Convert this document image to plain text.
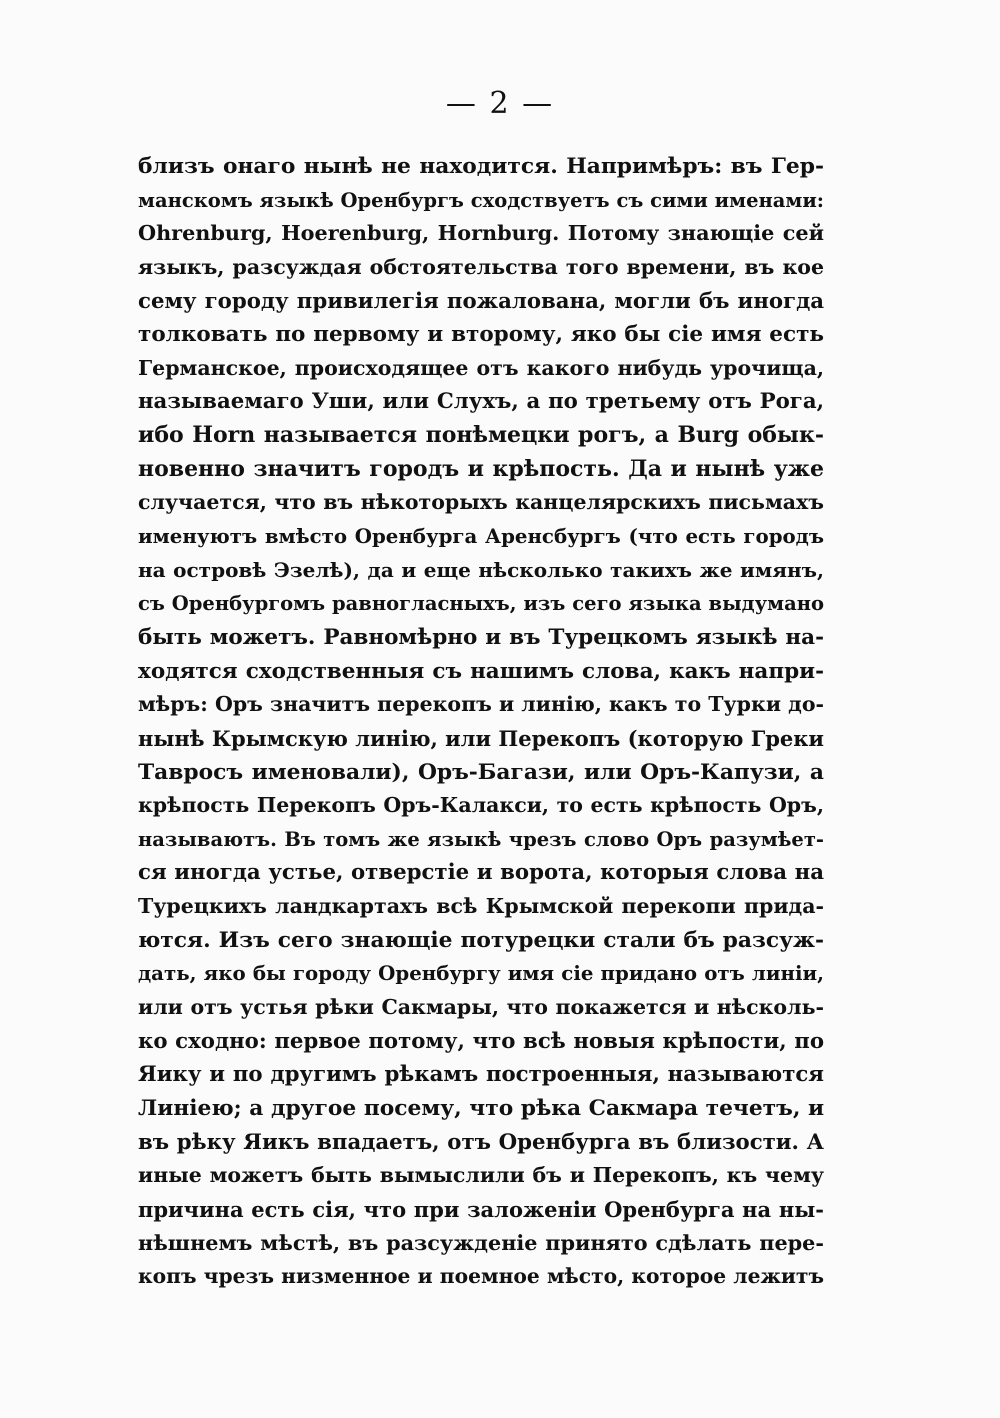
— 2 —
близъ онаго нынѣ не находится. Напримѣръ: въ Гер-
манскомъ языкѣ Оренбургъ сходствуетъ съ сими именами:
Ohrenburg, Hoerenburg, Hornburg. Потому знающіе сей
языкъ, разсуждая обстоятельства того времени, въ кое
сему городу привилегія пожалована, могли бъ иногда
толковать по первому и второму, яко бы сіе имя есть
Германское, происходящее отъ какого нибудь урочища,
называемаго Уши, или Слухъ, а по третьему отъ Рога,
ибо Horn называется понѣмецки рогъ, а Burg обык-
новенно значитъ городъ и крѣпость. Да и нынѣ уже
случается, что въ нѣкоторыхъ канцелярскихъ письмахъ
именуютъ вмѣсто Оренбурга Аренсбургъ (что есть городъ
на островѣ Эзелѣ), да и еще нѣсколько такихъ же имянъ,
съ Оренбургомъ равногласныхъ, изъ сего языка выдумано
быть можетъ. Равномѣрно и въ Турецкомъ языкѣ на-
ходятся сходственныя съ нашимъ слова, какъ напри-
мѣръ: Оръ значитъ перекопъ и линію, какъ то Турки до-
нынѣ Крымскую линію, или Перекопъ (которую Греки
Тавросъ именовали), Оръ-Багази, или Оръ-Капузи, а
крѣпость Перекопъ Оръ-Калакси, то есть крѣпость Оръ,
называютъ. Въ томъ же языкѣ чрезъ слово Оръ разумѣет-
ся иногда устье, отверстіе и ворота, которыя слова на
Турецкихъ ландкартахъ всѣ Крымской перекопи прида-
ются. Изъ сего знающіе потурецки стали бъ разсуж-
дать, яко бы городу Оренбургу имя сіе придано отъ линіи,
или отъ устья рѣки Сакмары, что покажется и нѣсколь-
ко сходно: первое потому, что всѣ новыя крѣпости, по
Яику и по другимъ рѣкамъ построенныя, называются
Линіею; а другое посему, что рѣка Сакмара течетъ, и
въ рѣку Яикъ впадаетъ, отъ Оренбурга въ близости. А
иные можетъ быть вымыслили бъ и Перекопъ, къ чему
причина есть сія, что при заложеніи Оренбурга на ны-
нѣшнемъ мѣстѣ, въ разсужденіе принято сдѣлать пере-
копъ чрезъ низменное и поемное мѣсто, которое лежитъ
